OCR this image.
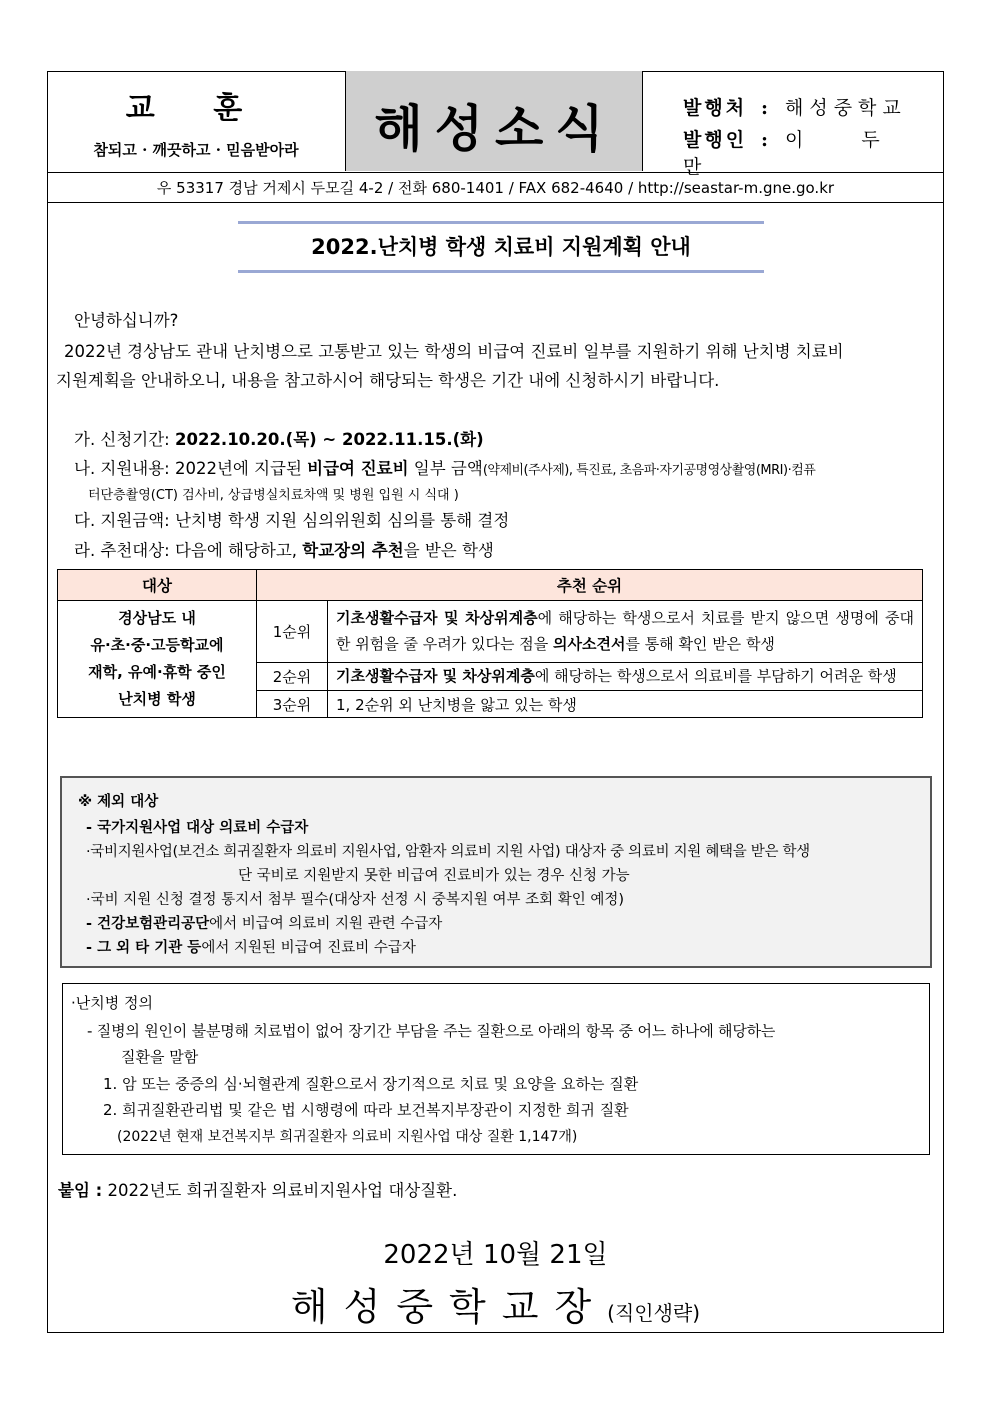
교 훈
참되고 · 깨끗하고 · 믿음받아라	해성소식	발행처 : 해성중학교
발행인 : 이 두 만
우 53317 경남 거제시 두모길 4-2 / 전화 680-1401 / FAX 682-4640 / http://seastar-m.gne.go.kr
2022.난치병 학생 치료비 지원계획 안내
안녕하십니까?
2022년 경상남도 관내 난치병으로 고통받고 있는 학생의 비급여 진료비 일부를 지원하기 위해 난치병 치료비
지원계획을 안내하오니, 내용을 참고하시어 해당되는 학생은 기간 내에 신청하시기 바랍니다.
가. 신청기간: 2022.10.20.(목) ~ 2022.11.15.(화)
나. 지원내용: 2022년에 지급된 비급여 진료비 일부 금액(약제비(주사제), 특진료, 초음파·자기공명영상촬영(MRI)·컴퓨
터단층촬영(CT) 검사비, 상급병실치료차액 및 병원 입원 시 식대 )
다. 지원금액: 난치병 학생 지원 심의위원회 심의를 통해 결정
라. 추천대상: 다음에 해당하고, 학교장의 추천을 받은 학생
대상	추천 순위	

경상남도 내
유·초·중·고등학교에
재학, 유예·휴학 중인
난치병 학생	1순위	기초생활수급자 및 차상위계층에 해당하는 학생으로서 치료를 받지 않으면 생명에 중대한 위험을 줄 우려가 있다는 점을 의사소견서를 통해 확인 받은 학생
	2순위	기초생활수급자 및 차상위계층에 해당하는 학생으로서 의료비를 부담하기 어려운 학생
	3순위	1, 2순위 외 난치병을 앓고 있는 학생
※ 제외 대상
- 국가지원사업 대상 의료비 수급자
·국비지원사업(보건소 희귀질환자 의료비 지원사업, 암환자 의료비 지원 사업) 대상자 중 의료비 지원 혜택을 받은 학생
단 국비로 지원받지 못한 비급여 진료비가 있는 경우 신청 가능
·국비 지원 신청 결정 통지서 첨부 필수(대상자 선정 시 중복지원 여부 조회 확인 예정)
- 건강보험관리공단에서 비급여 의료비 지원 관련 수급자
- 그 외 타 기관 등에서 지원된 비급여 진료비 수급자
·난치병 정의
- 질병의 원인이 불분명해 치료법이 없어 장기간 부담을 주는 질환으로 아래의 항목 중 어느 하나에 해당하는
질환을 말함
1. 암 또는 중증의 심·뇌혈관계 질환으로서 장기적으로 치료 및 요양을 요하는 질환
2. 희귀질환관리법 및 같은 법 시행령에 따라 보건복지부장관이 지정한 희귀 질환
(2022년 현재 보건복지부 희귀질환자 의료비 지원사업 대상 질환 1,147개)
붙임 : 2022년도 희귀질환자 의료비지원사업 대상질환.
2022년 10월 21일
해성중학교장(직인생략)
